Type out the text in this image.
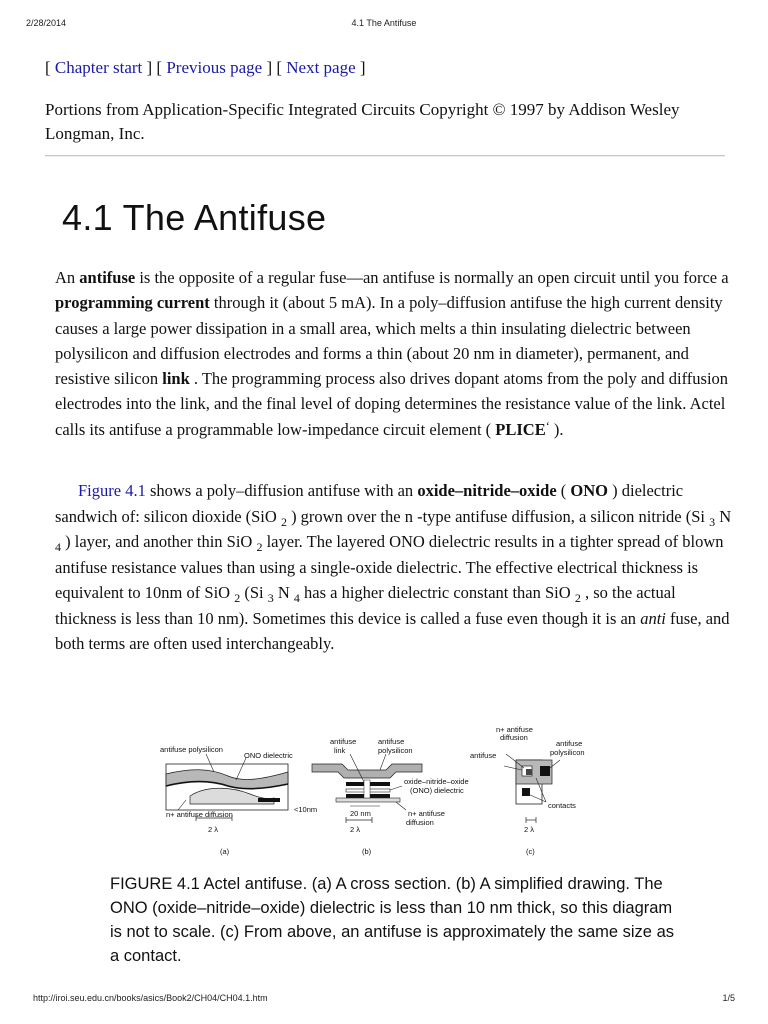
2/28/2014	4.1 The Antifuse
[ Chapter start ] [ Previous page ] [ Next page ]
Portions from Application-Specific Integrated Circuits Copyright © 1997 by Addison Wesley Longman, Inc.
4.1 The Antifuse

An antifuse is the opposite of a regular fuse—an antifuse is normally an open circuit until you force a programming current through it (about 5 mA). In a poly–diffusion antifuse the high current density causes a large power dissipation in a small area, which melts a thin insulating dielectric between polysilicon and diffusion electrodes and forms a thin (about 20 nm in diameter), permanent, and resistive silicon link . The programming process also drives dopant atoms from the poly and diffusion electrodes into the link, and the final level of doping determines the resistance value of the link. Actel calls its antifuse a programmable low-impedance circuit element ( PLICE‘ ).

Figure 4.1 shows a poly–diffusion antifuse with an oxide–nitride–oxide ( ONO ) dielectric sandwich of: silicon dioxide (SiO $_2$ ) grown over the n -type antifuse diffusion, a silicon nitride (Si $_3$ N $_4$ ) layer, and another thin SiO $_2$ layer. The layered ONO dielectric results in a tighter spread of blown antifuse resistance values than using a single-oxide dielectric. The effective electrical thickness is equivalent to 10nm of SiO $_2$ (Si $_3$ N $_4$ has a higher dielectric constant than SiO $_2$ , so the actual thickness is less than 10 nm). Sometimes this device is called a fuse even though it is an anti fuse, and both terms are often used interchangeably.

antifuse polysilicon
ONO dielectric
n+ antifuse diffusion
2 λ
(a)
antifuse
link
antifuse
polysilicon
oxide–nitride–oxide
(ONO) dielectric
<10nm	20 nm	n+ antifuse
diffusion
2 λ
(b)
n+ antifuse
diffusion
antifuse
antifuse
polysilicon
contacts
2 λ
(c)
FIGURE 4.1 Actel antifuse. (a) A cross section. (b) A simplified drawing. The ONO (oxide–nitride–oxide) dielectric is less than 10 nm thick, so this diagram is not to scale. (c) From above, an antifuse is approximately the same size as a contact.
http://iroi.seu.edu.cn/books/asics/Book2/CH04/CH04.1.htm	1/5
